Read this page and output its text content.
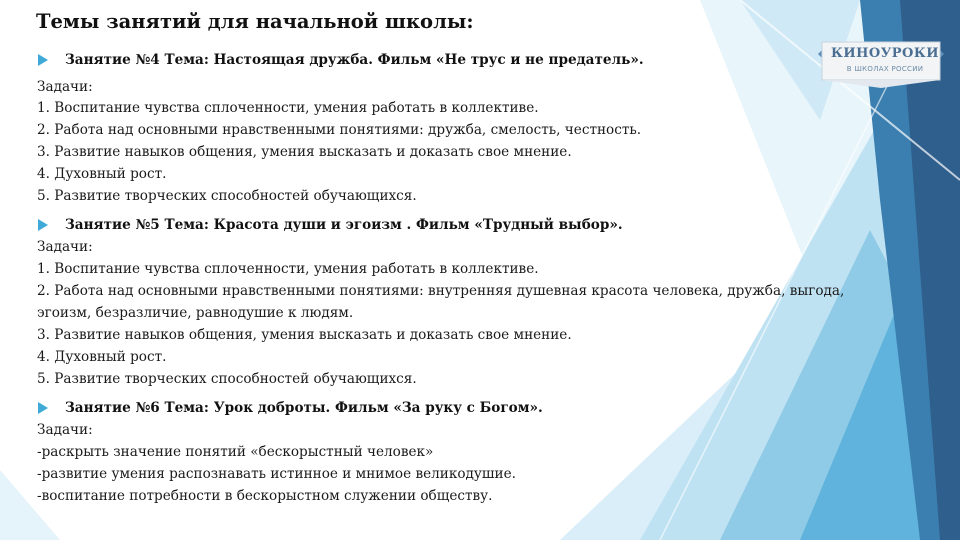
КИНОУРОКИ
В ШКОЛАХ РОССИИ
Темы занятий для начальной школы:
Занятие №4 Тема: Настоящая дружба. Фильм «Не трус и не предатель».
Задачи:
1. Воспитание чувства сплоченности, умения работать в коллективе.
2. Работа над основными нравственными понятиями: дружба, смелость, честность.
3. Развитие навыков общения, умения высказать и доказать свое мнение.
4. Духовный рост.
5. Развитие творческих способностей обучающихся.
Занятие №5 Тема: Красота души и эгоизм . Фильм «Трудный выбор».
Задачи:
1. Воспитание чувства сплоченности, умения работать в коллективе.
2. Работа над основными нравственными понятиями: внутренняя душевная красота человека, дружба, выгода,
эгоизм, безразличие, равнодушие к людям.
3. Развитие навыков общения, умения высказать и доказать свое мнение.
4. Духовный рост.
5. Развитие творческих способностей обучающихся.
Занятие №6 Тема: Урок доброты. Фильм «За руку с Богом».
Задачи:
-раскрыть значение понятий «бескорыстный человек»
-развитие умения распознавать истинное и мнимое великодушие.
-воспитание потребности в бескорыстном служении обществу.
